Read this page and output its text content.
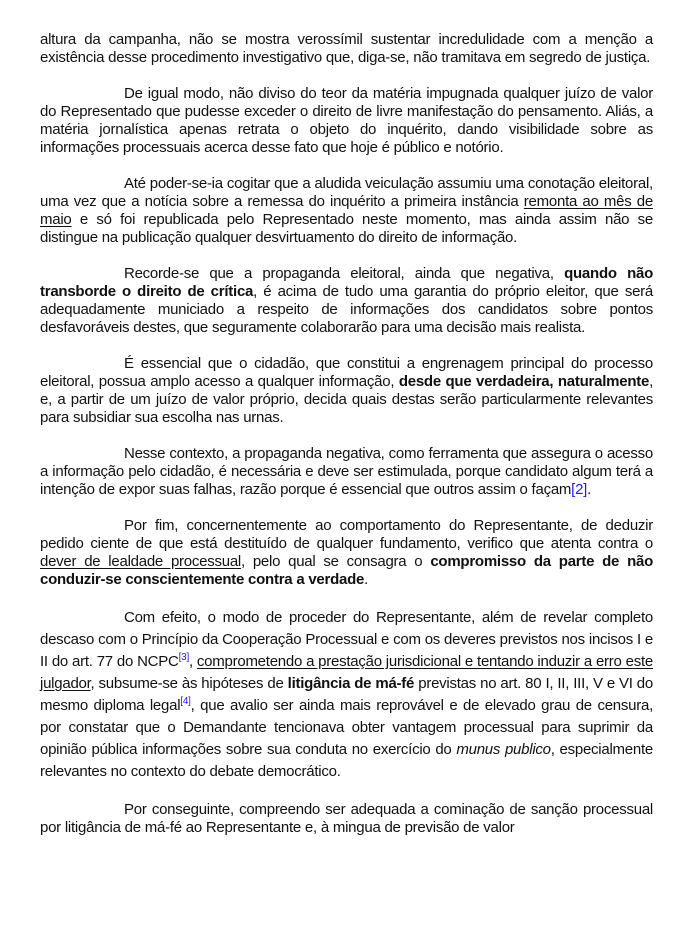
altura da campanha, não se mostra verossímil sustentar incredulidade com a menção a existência desse procedimento investigativo que, diga-se, não tramitava em segredo de justiça.

De igual modo, não diviso do teor da matéria impugnada qualquer juízo de valor do Representado que pudesse exceder o direito de livre manifestação do pensamento. Aliás, a matéria jornalística apenas retrata o objeto do inquérito, dando visibilidade sobre as informações processuais acerca desse fato que hoje é público e notório.

Até poder-se-ia cogitar que a aludida veiculação assumiu uma conotação eleitoral, uma vez que a notícia sobre a remessa do inquérito a primeira instância remonta ao mês de maio e só foi republicada pelo Representado neste momento, mas ainda assim não se distingue na publicação qualquer desvirtuamento do direito de informação.

Recorde-se que a propaganda eleitoral, ainda que negativa, quando não transborde o direito de crítica, é acima de tudo uma garantia do próprio eleitor, que será adequadamente municiado a respeito de informações dos candidatos sobre pontos desfavoráveis destes, que seguramente colaborarão para uma decisão mais realista.

É essencial que o cidadão, que constitui a engrenagem principal do processo eleitoral, possua amplo acesso a qualquer informação, desde que verdadeira, naturalmente, e, a partir de um juízo de valor próprio, decida quais destas serão particularmente relevantes para subsidiar sua escolha nas urnas.

Nesse contexto, a propaganda negativa, como ferramenta que assegura o acesso a informação pelo cidadão, é necessária e deve ser estimulada, porque candidato algum terá a intenção de expor suas falhas, razão porque é essencial que outros assim o façam[2].

Por fim, concernentemente ao comportamento do Representante, de deduzir pedido ciente de que está destituído de qualquer fundamento, verifico que atenta contra o dever de lealdade processual, pelo qual se consagra o compromisso da parte de não conduzir-se conscientemente contra a verdade.

Com efeito, o modo de proceder do Representante, além de revelar completo descaso com o Princípio da Cooperação Processual e com os deveres previstos nos incisos I e II do art. 77 do NCPC[3], comprometendo a prestação jurisdicional e tentando induzir a erro este julgador, subsume-se às hipóteses de litigância de má-fé previstas no art. 80 I, II, III, V e VI do mesmo diploma legal[4], que avalio ser ainda mais reprovável e de elevado grau de censura, por constatar que o Demandante tencionava obter vantagem processual para suprimir da opinião pública informações sobre sua conduta no exercício do munus publico, especialmente relevantes no contexto do debate democrático.

Por conseguinte, compreendo ser adequada a cominação de sanção processual por litigância de má-fé ao Representante e, à mingua de previsão de valor
